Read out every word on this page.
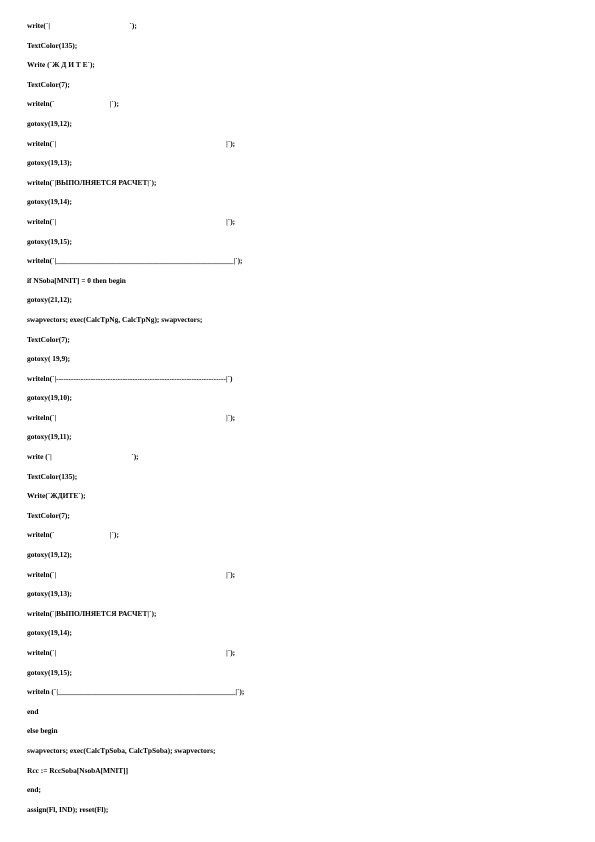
write(`|                                           `);
TextColor(135);
Write (`Ж Д И Т Е`);
TextColor(7);
writeln(`                              |`);
gotoxy(19,12);
writeln(`|                                                                                            |`);
gotoxy(19,13);
writeln(`|ВЫПОЛНЯЕТСЯ РАСЧЕТ|`);
gotoxy(19,14);
writeln(`|                                                                                            |`);
gotoxy(19,15);
writeln(`|________________________________________________|`);
if NSoba[MNIT] = 0 then begin
gotoxy(21,12);
swapvectors; exec(CalcTpNg, CalcTpNg); swapvectors;
TextColor(7);
gotoxy( 19,9);
writeln(`|---------------------------------------------------------------------|`)
gotoxy(19,10);
writeln(`|                                                                                            |`);
gotoxy(19,11);
write (`|                                           `);
TextColor(135);
Write(`ЖДИТЕ`);
TextColor(7);
writeln(`                              |`);
gotoxy(19,12);
writeln(`|                                                                                            |`);
gotoxy(19,13);
writeln(`|ВЫПОЛНЯЕТСЯ РАСЧЕТ|`);
gotoxy(19,14);
writeln(`|                                                                                            |`);
gotoxy(19,15);
writeln (`|________________________________________________|`);
end
else begin
swapvectors; exec(CalcTpSoba, CalcTpSoba); swapvectors;
Rcc := RccSoba[NsobA[MNIT]]
end;
assign(Fl, IND); reset(Fl);
